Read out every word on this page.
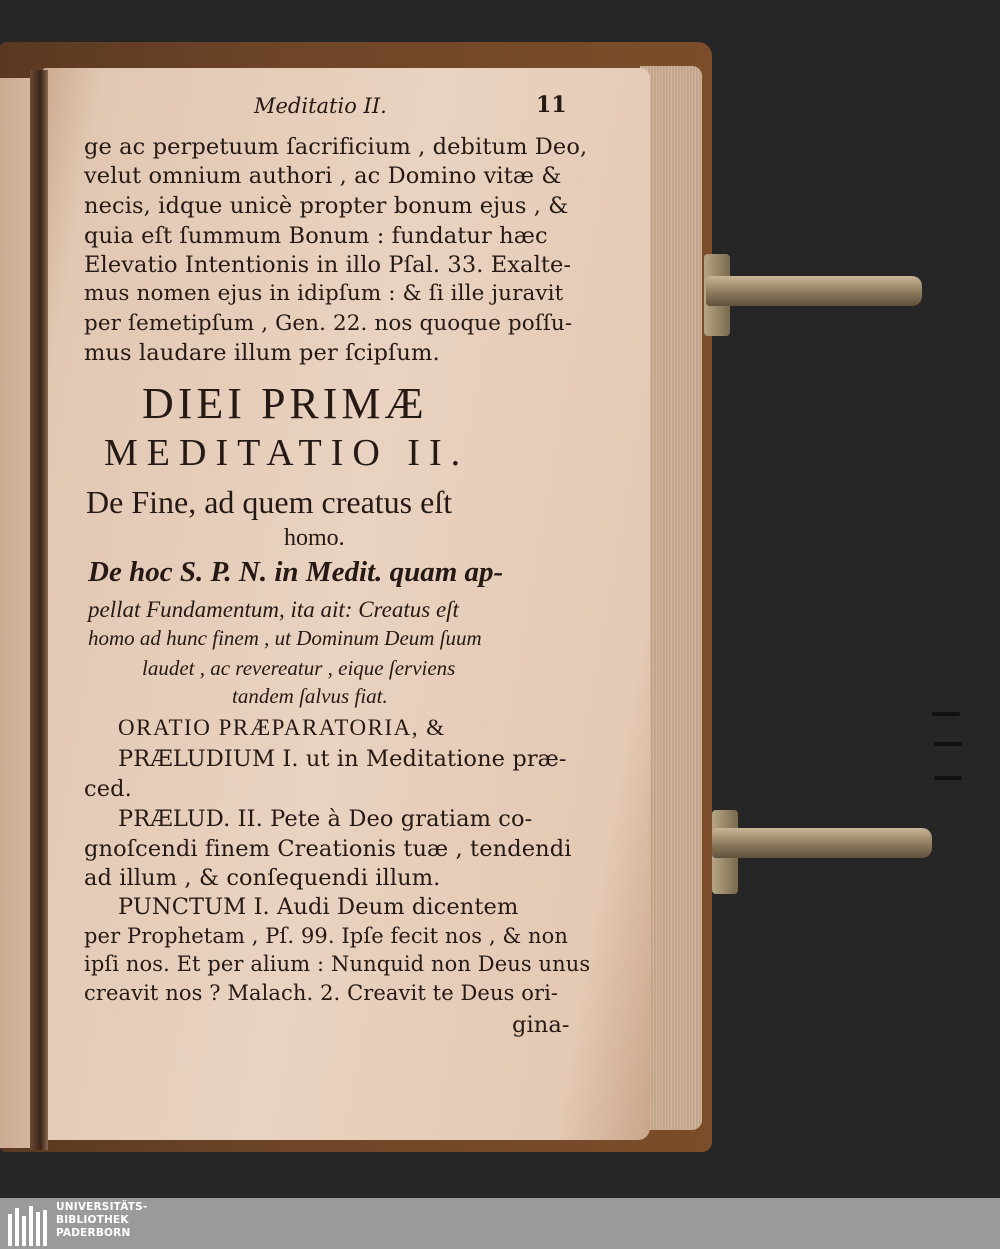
Meditatio II.	11
ge ac perpetuum ſacrificium , debitum Deo,
velut omnium authori , ac Domino vitæ &
necis, idque unicè propter bonum ejus , &
quia eſt ſummum Bonum : fundatur hæc
Elevatio Intentionis in illo Pſal. 33. Exalte-
mus nomen ejus in idipſum : & ſi ille juravit
per ſemetipſum , Gen. 22. nos quoque poſſu-
mus laudare illum per ſcipſum.
DIEI PRIMÆ
MEDITATIO II.
De Fine, ad quem creatus eſt
homo.
De hoc S. P. N. in Medit. quam ap-
pellat Fundamentum, ita ait: Creatus eſt
homo ad hunc finem , ut Dominum Deum ſuum
laudet , ac revereatur , eique ſerviens
tandem ſalvus fiat.
ORATIO PRÆPARATORIA, &
PRÆLUDIUM I. ut in Meditatione præ-
ced.
PRÆLUD. II. Pete à Deo gratiam co-
gnoſcendi finem Creationis tuæ , tendendi
ad illum , & conſequendi illum.
PUNCTUM I. Audi Deum dicentem
per Prophetam , Pſ. 99. Ipſe fecit nos , & non
ipſi nos. Et per alium : Nunquid non Deus unus
creavit nos ? Malach. 2. Creavit te Deus ori-
gina-
UNIVERSITÄTS-
BIBLIOTHEK
PADERBORN
